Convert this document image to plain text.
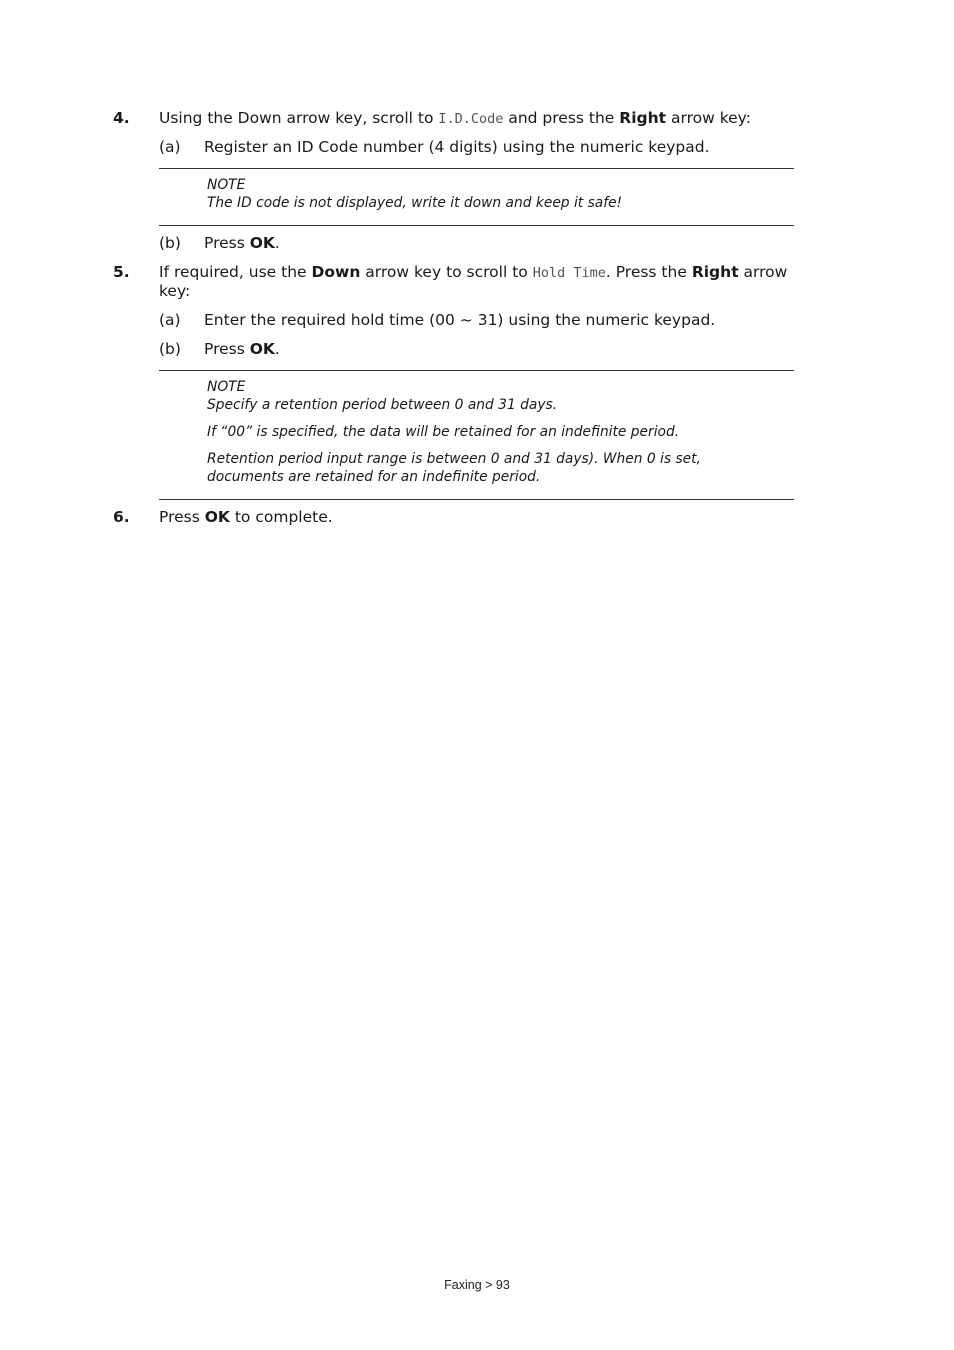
4. Using the Down arrow key, scroll to I.D.Code and press the Right arrow key:
(a) Register an ID Code number (4 digits) using the numeric keypad.
NOTE
The ID code is not displayed, write it down and keep it safe!
(b) Press OK.
5. If required, use the Down arrow key to scroll to Hold Time. Press the Right arrow
key:
(a) Enter the required hold time (00 ~ 31) using the numeric keypad.
(b) Press OK.
NOTE
Specify a retention period between 0 and 31 days.
If “00” is specified, the data will be retained for an indefinite period.
Retention period input range is between 0 and 31 days). When 0 is set,
documents are retained for an indefinite period.
6. Press OK to complete.
Faxing > 93
